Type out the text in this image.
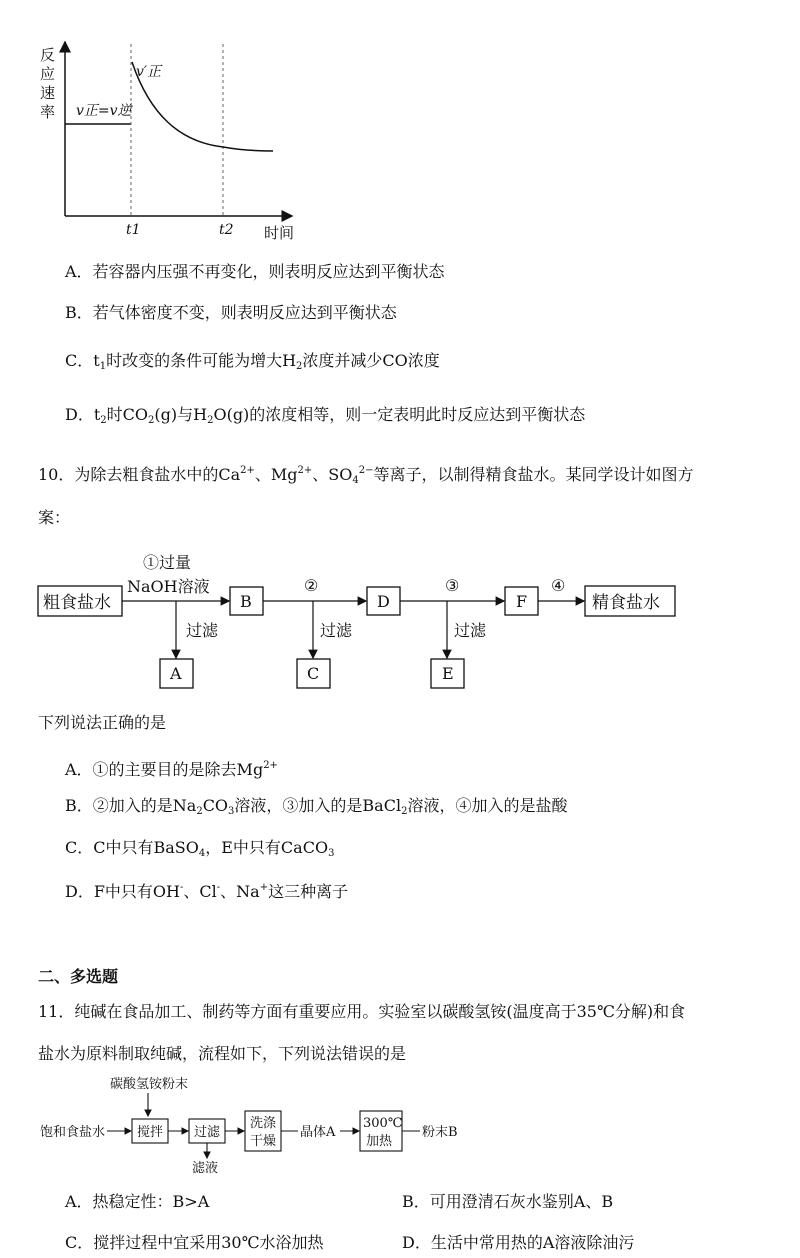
反
应
速
率 v正=v逆
v′正
t1	t2 时间
A．若容器内压强不再变化，则表明反应达到平衡状态
B．若气体密度不变，则表明反应达到平衡状态
C．$t_1$时改变的条件可能为增大$H_2$浓度并减少CO浓度
D．$t_2$时$CO_2(g)$与$H_2O(g)$的浓度相等，则一定表明此时反应达到平衡状态
10．为除去粗食盐水中的$Ca^{2+}$、$Mg^{2+}$、$SO_4^{2-}$等离子，以制得精食盐水。某同学设计如图方
案：
粗食盐水
①过量
NaOH溶液
B
②
D
③
F
④
精食盐水
过滤
A
过滤
C
过滤
E
下列说法正确的是
A．①的主要目的是除去$Mg^{2+}$
B．②加入的是$Na_2CO_3$溶液，③加入的是BaCl$_2$溶液，④加入的是盐酸
C．C中只有BaSO$_4$，E中只有CaCO$_3$
D．F中只有OH-、Cl-、Na+这三种离子
二、多选题
11．纯碱在食品加工、制药等方面有重要应用。实验室以碳酸氢铵(温度高于35℃分解)和食
盐水为原料制取纯碱，流程如下，下列说法错误的是
碳酸氢铵粉末
饱和食盐水 搅拌 过滤
滤液
洗涤
干燥
晶体A
300℃
加热
粉末B
A．热稳定性：B>A	B．可用澄清石灰水鉴别A、B
C．搅拌过程中宜采用30℃水浴加热	D．生活中常用热的A溶液除油污
